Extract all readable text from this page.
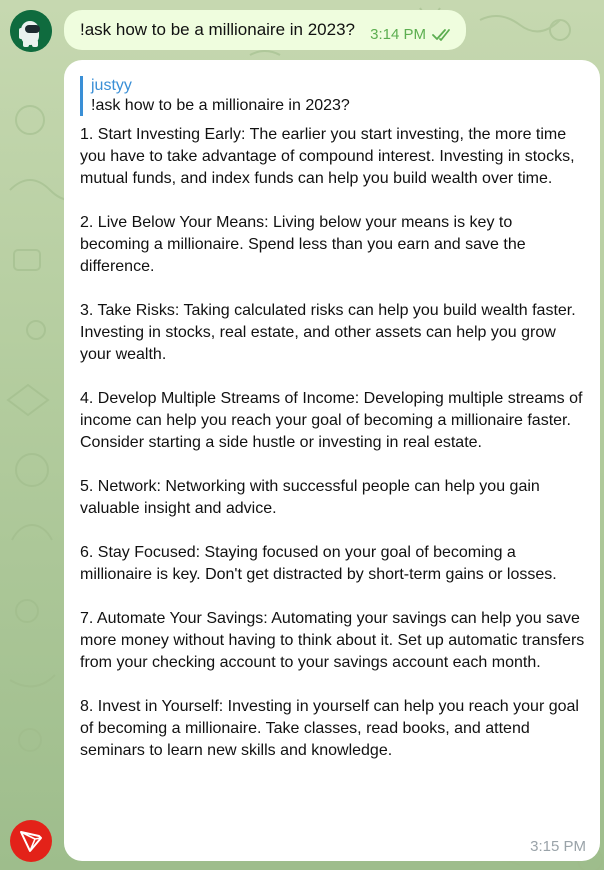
!ask how to be a millionaire in 2023? 3:14 PM
justyy
!ask how to be a millionaire in 2023?

1. Start Investing Early: The earlier you start investing, the more time you have to take advantage of compound interest. Investing in stocks, mutual funds, and index funds can help you build wealth over time.

2. Live Below Your Means: Living below your means is key to becoming a millionaire. Spend less than you earn and save the difference.

3. Take Risks: Taking calculated risks can help you build wealth faster. Investing in stocks, real estate, and other assets can help you grow your wealth.

4. Develop Multiple Streams of Income: Developing multiple streams of income can help you reach your goal of becoming a millionaire faster. Consider starting a side hustle or investing in real estate.

5. Network: Networking with successful people can help you gain valuable insight and advice.

6. Stay Focused: Staying focused on your goal of becoming a millionaire is key. Don't get distracted by short-term gains or losses.

7. Automate Your Savings: Automating your savings can help you save more money without having to think about it. Set up automatic transfers from your checking account to your savings account each month.

8. Invest in Yourself: Investing in yourself can help you reach your goal of becoming a millionaire. Take classes, read books, and attend seminars to learn new skills and knowledge.

3:15 PM
